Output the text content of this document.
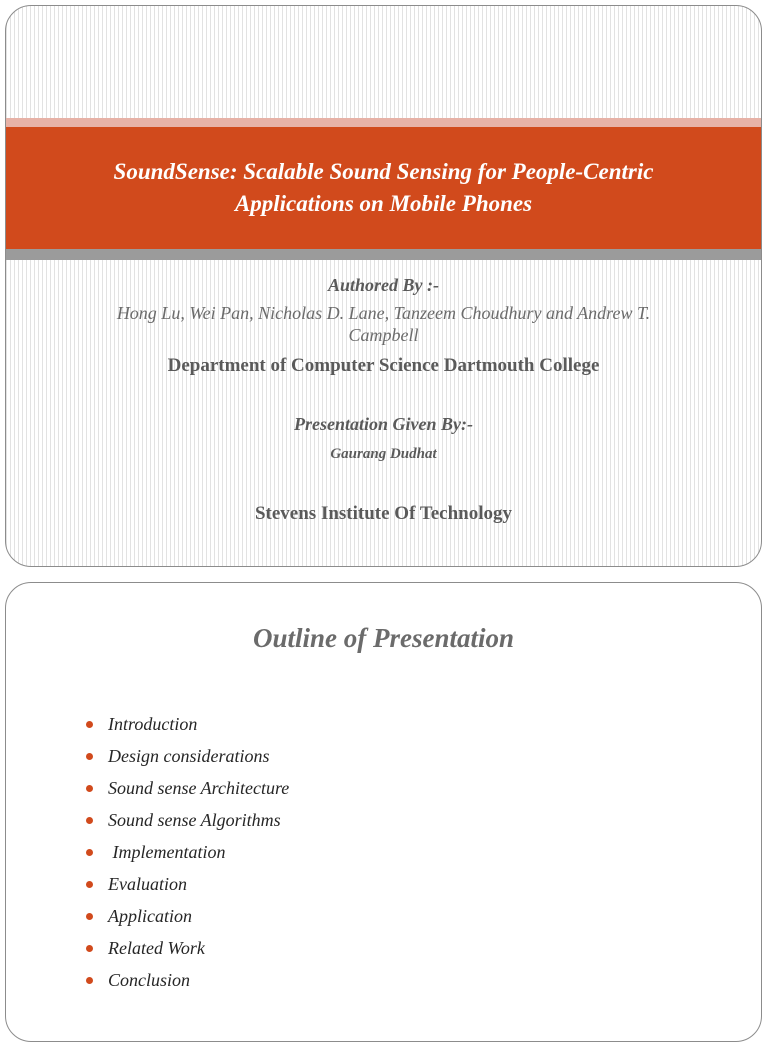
SoundSense: Scalable Sound Sensing for People-Centric Applications on Mobile Phones
Authored By :-
Hong Lu, Wei Pan, Nicholas D. Lane, Tanzeem Choudhury and Andrew T. Campbell
Department of Computer Science Dartmouth College
Presentation Given By:-
Gaurang Dudhat
Stevens Institute Of Technology
Outline of Presentation
Introduction
Design considerations
Sound sense Architecture
Sound sense Algorithms
Implementation
Evaluation
Application
Related Work
Conclusion
